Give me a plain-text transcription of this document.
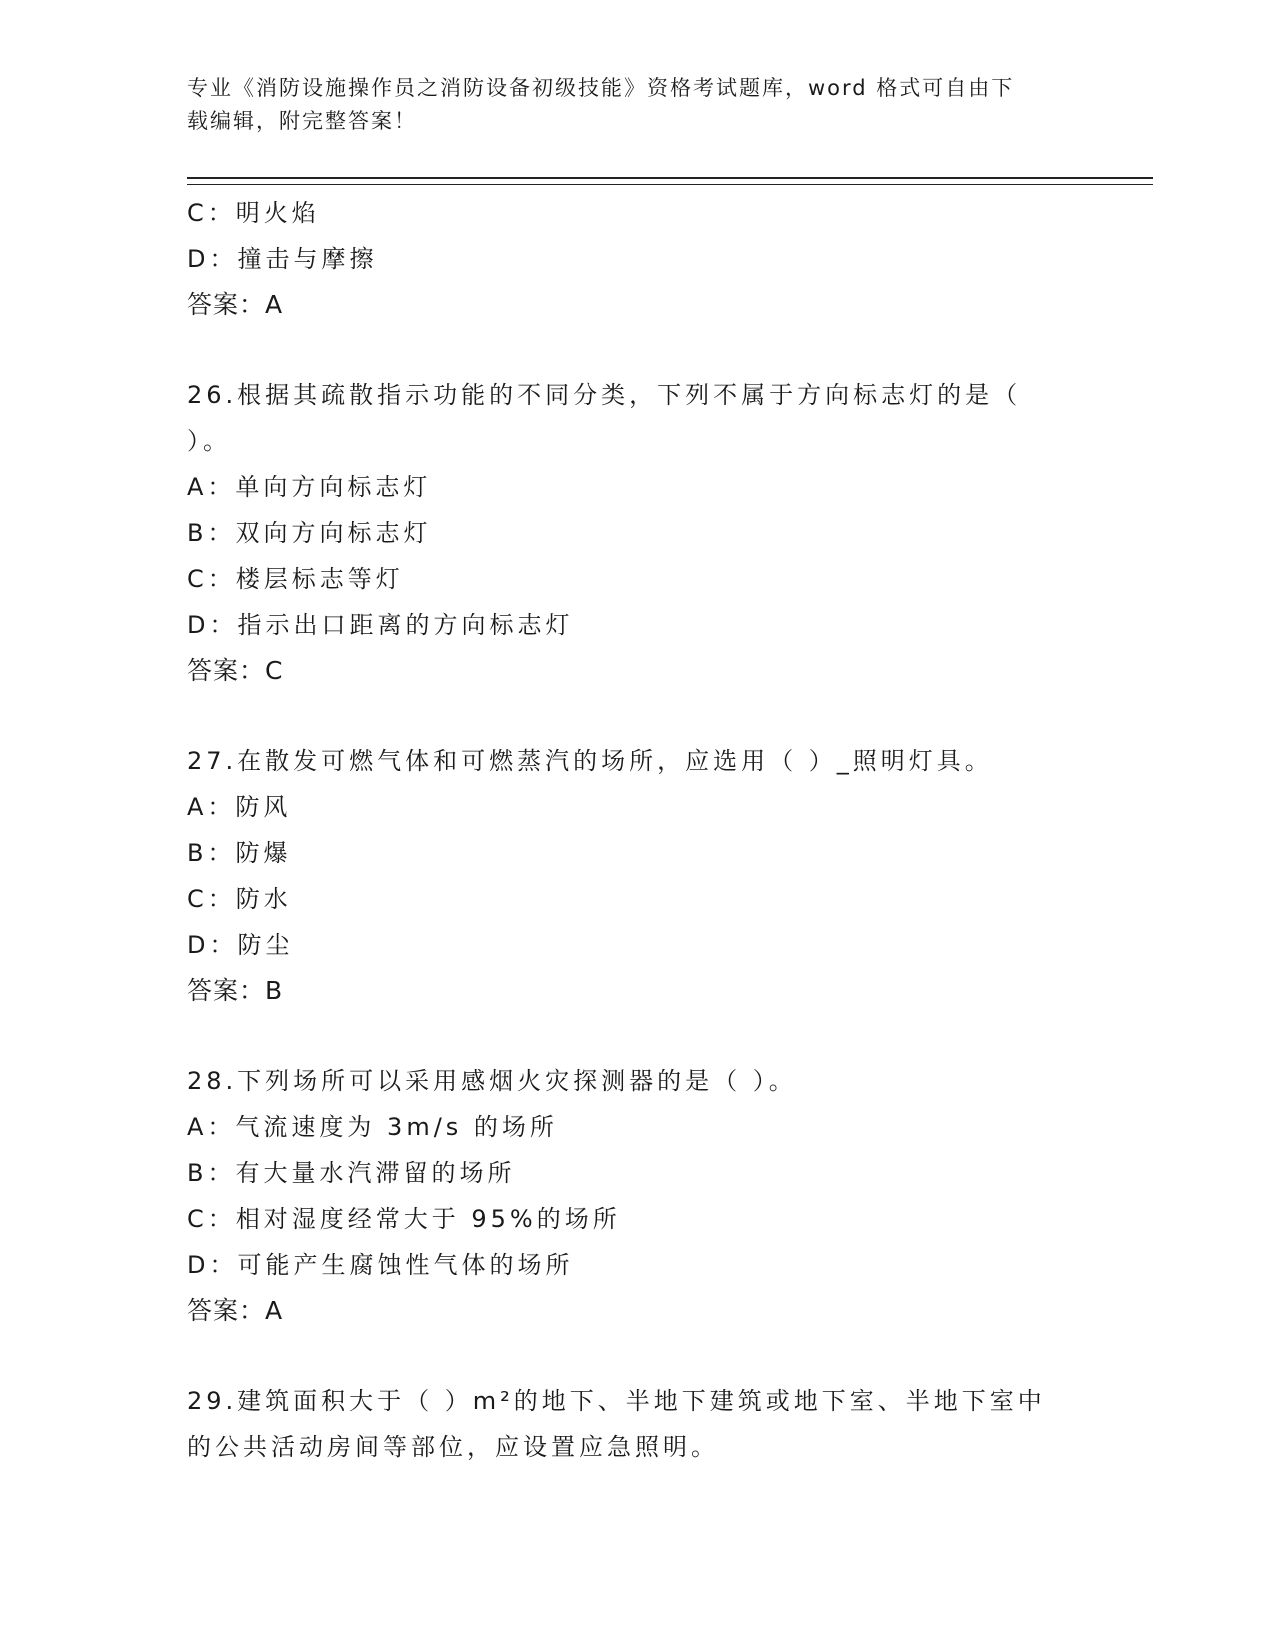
专业《消防设施操作员之消防设备初级技能》资格考试题库，word 格式可自由下
载编辑，附完整答案！
C：明火焰
D：撞击与摩擦
答案：A
26.根据其疏散指示功能的不同分类，下列不属于方向标志灯的是（
）。
A：单向方向标志灯
B：双向方向标志灯
C：楼层标志等灯
D：指示出口距离的方向标志灯
答案：C
27.在散发可燃气体和可燃蒸汽的场所，应选用（ ）_照明灯具。
A：防风
B：防爆
C：防水
D：防尘
答案：B
28.下列场所可以采用感烟火灾探测器的是（ ）。
A：气流速度为 3m/s 的场所
B：有大量水汽滞留的场所
C：相对湿度经常大于 95%的场所
D：可能产生腐蚀性气体的场所
答案：A
29.建筑面积大于（ ）m²的地下、半地下建筑或地下室、半地下室中
的公共活动房间等部位，应设置应急照明。
